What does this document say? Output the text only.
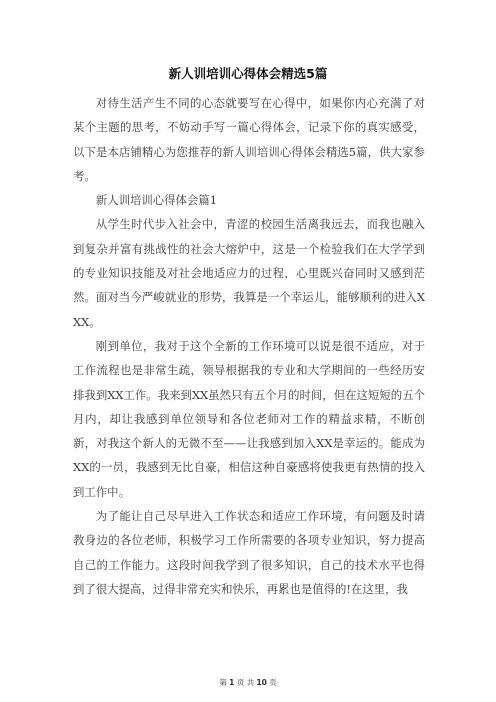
新人训培训心得体会精选5篇

对待生活产生不同的心态就要写在心得中，如果你内心充满了对某个主题的思考，不妨动手写一篇心得体会，记录下你的真实感受，以下是本店铺精心为您推荐的新人训培训心得体会精选5篇，供大家参考。

新人训培训心得体会篇1

从学生时代步入社会中，青涩的校园生活离我远去，而我也融入到复杂并富有挑战性的社会大熔炉中，这是一个检验我们在大学学到的专业知识技能及对社会地适应力的过程，心里既兴奋同时又感到茫然。面对当今严峻就业的形势，我算是一个幸运儿，能够顺利的进入XXX。

刚到单位，我对于这个全新的工作环境可以说是很不适应，对于工作流程也是非常生疏，领导根据我的专业和大学期间的一些经历安排我到XX工作。我来到XX虽然只有五个月的时间，但在这短短的五个月内，却让我感到单位领导和各位老师对工作的精益求精，不断创新，对我这个新人的无微不至——让我感到加入XX是幸运的。能成为XX的一员，我感到无比自豪，相信这种自豪感将使我更有热情的投入到工作中。

为了能让自己尽早进入工作状态和适应工作环境，有问题及时请教身边的各位老师，积极学习工作所需要的各项专业知识，努力提高自己的工作能力。这段时间我学到了很多知识，自己的技术水平也得到了很大提高，过得非常充实和快乐，再累也是值得的!在这里，我

第 1 页 共 10 页
